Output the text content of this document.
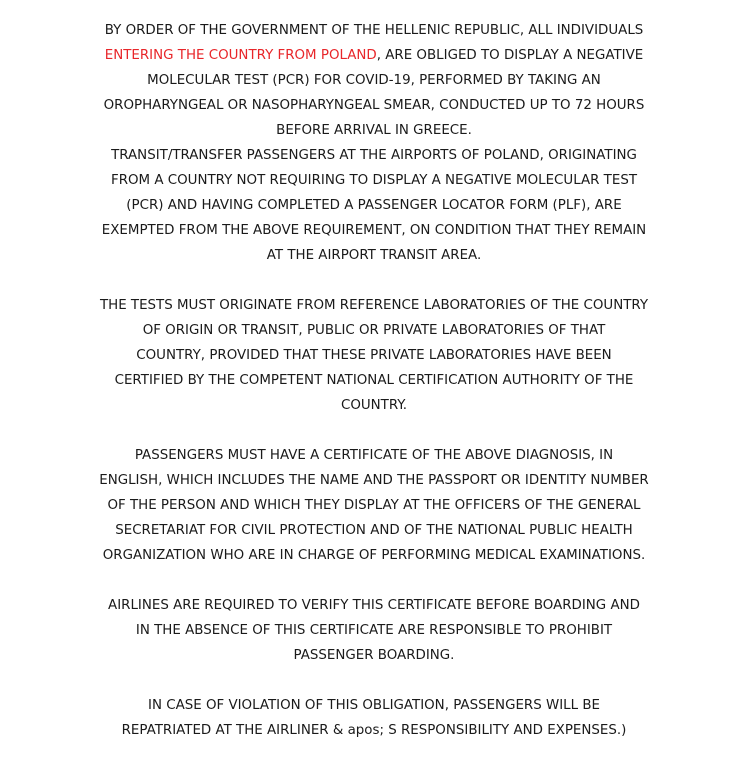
BY ORDER OF THE GOVERNMENT OF THE HELLENIC REPUBLIC, ALL INDIVIDUALS
ENTERING THE COUNTRY FROM POLAND, ARE OBLIGED TO DISPLAY A NEGATIVE
MOLECULAR TEST (PCR) FOR COVID-19, PERFORMED BY TAKING AN
OROPHARYNGEAL OR NASOPHARYNGEAL SMEAR, CONDUCTED UP TO 72 HOURS
BEFORE ARRIVAL IN GREECE.
TRANSIT/TRANSFER PASSENGERS AT THE AIRPORTS OF POLAND, ORIGINATING
FROM A COUNTRY NOT REQUIRING TO DISPLAY A NEGATIVE MOLECULAR TEST
(PCR) AND HAVING COMPLETED A PASSENGER LOCATOR FORM (PLF), ARE
EXEMPTED FROM THE ABOVE REQUIREMENT, ON CONDITION THAT THEY REMAIN
AT THE AIRPORT TRANSIT AREA.
THE TESTS MUST ORIGINATE FROM REFERENCE LABORATORIES OF THE COUNTRY
OF ORIGIN OR TRANSIT, PUBLIC OR PRIVATE LABORATORIES OF THAT
COUNTRY, PROVIDED THAT THESE PRIVATE LABORATORIES HAVE BEEN
CERTIFIED BY THE COMPETENT NATIONAL CERTIFICATION AUTHORITY OF THE
COUNTRY.
PASSENGERS MUST HAVE A CERTIFICATE OF THE ABOVE DIAGNOSIS, IN
ENGLISH, WHICH INCLUDES THE NAME AND THE PASSPORT OR IDENTITY NUMBER
OF THE PERSON AND WHICH THEY DISPLAY AT THE OFFICERS OF THE GENERAL
SECRETARIAT FOR CIVIL PROTECTION AND OF THE NATIONAL PUBLIC HEALTH
ORGANIZATION WHO ARE IN CHARGE OF PERFORMING MEDICAL EXAMINATIONS.
AIRLINES ARE REQUIRED TO VERIFY THIS CERTIFICATE BEFORE BOARDING AND
IN THE ABSENCE OF THIS CERTIFICATE ARE RESPONSIBLE TO PROHIBIT
PASSENGER BOARDING.
IN CASE OF VIOLATION OF THIS OBLIGATION, PASSENGERS WILL BE
REPATRIATED AT THE AIRLINER & apos; S RESPONSIBILITY AND EXPENSES.)
